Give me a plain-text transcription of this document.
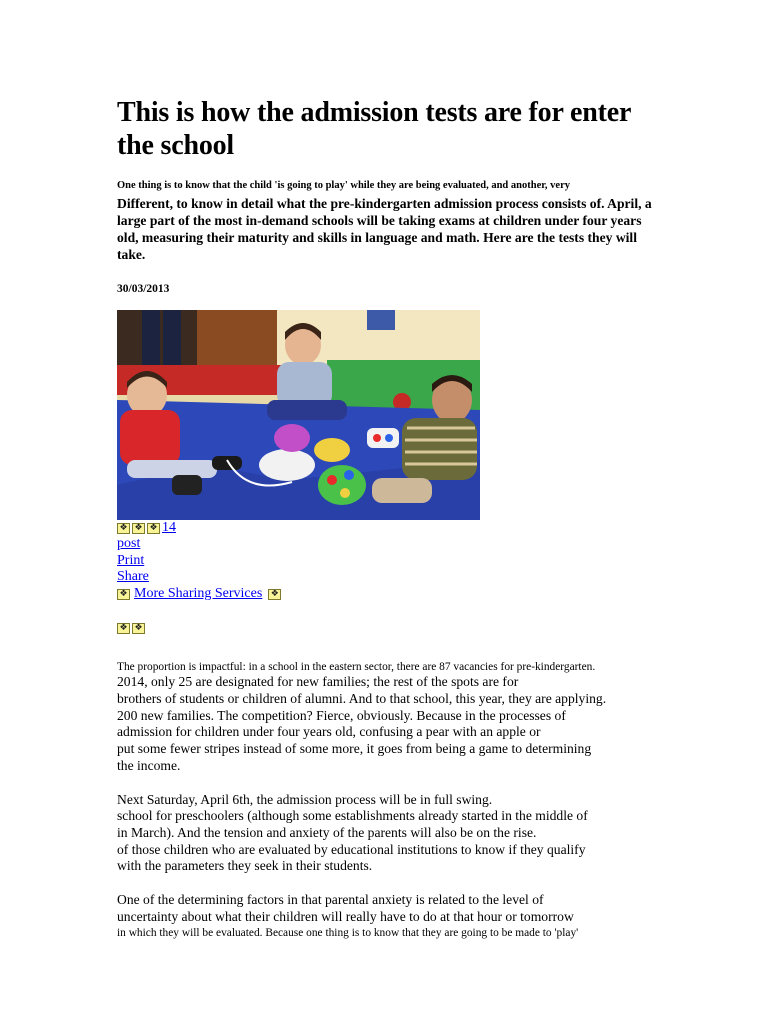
This is how the admission tests are for enter the school
One thing is to know that the child 'is going to play' while they are being evaluated, and another, very
Different, to know in detail what the pre-kindergarten admission process consists of. April, a large part of the most in-demand schools will be taking exams at children under four years old, measuring their maturity and skills in language and math. Here are the tests they will take.
30/03/2013
❖ ❖ ❖ 14
post
Print
Share
❖ More Sharing Services ❖
❖ ❖
The proportion is impactful: in a school in the eastern sector, there are 87 vacancies for pre-kindergarten.

2014, only 25 are designated for new families; the rest of the spots are for

brothers of students or children of alumni. And to that school, this year, they are applying.

200 new families. The competition? Fierce, obviously. Because in the processes of

admission for children under four years old, confusing a pear with an apple or

put some fewer stripes instead of some more, it goes from being a game to determining

the income.

Next Saturday, April 6th, the admission process will be in full swing.

school for preschoolers (although some establishments already started in the middle of

in March). And the tension and anxiety of the parents will also be on the rise.

of those children who are evaluated by educational institutions to know if they qualify

with the parameters they seek in their students.

One of the determining factors in that parental anxiety is related to the level of

uncertainty about what their children will really have to do at that hour or tomorrow

in which they will be evaluated. Because one thing is to know that they are going to be made to 'play'
